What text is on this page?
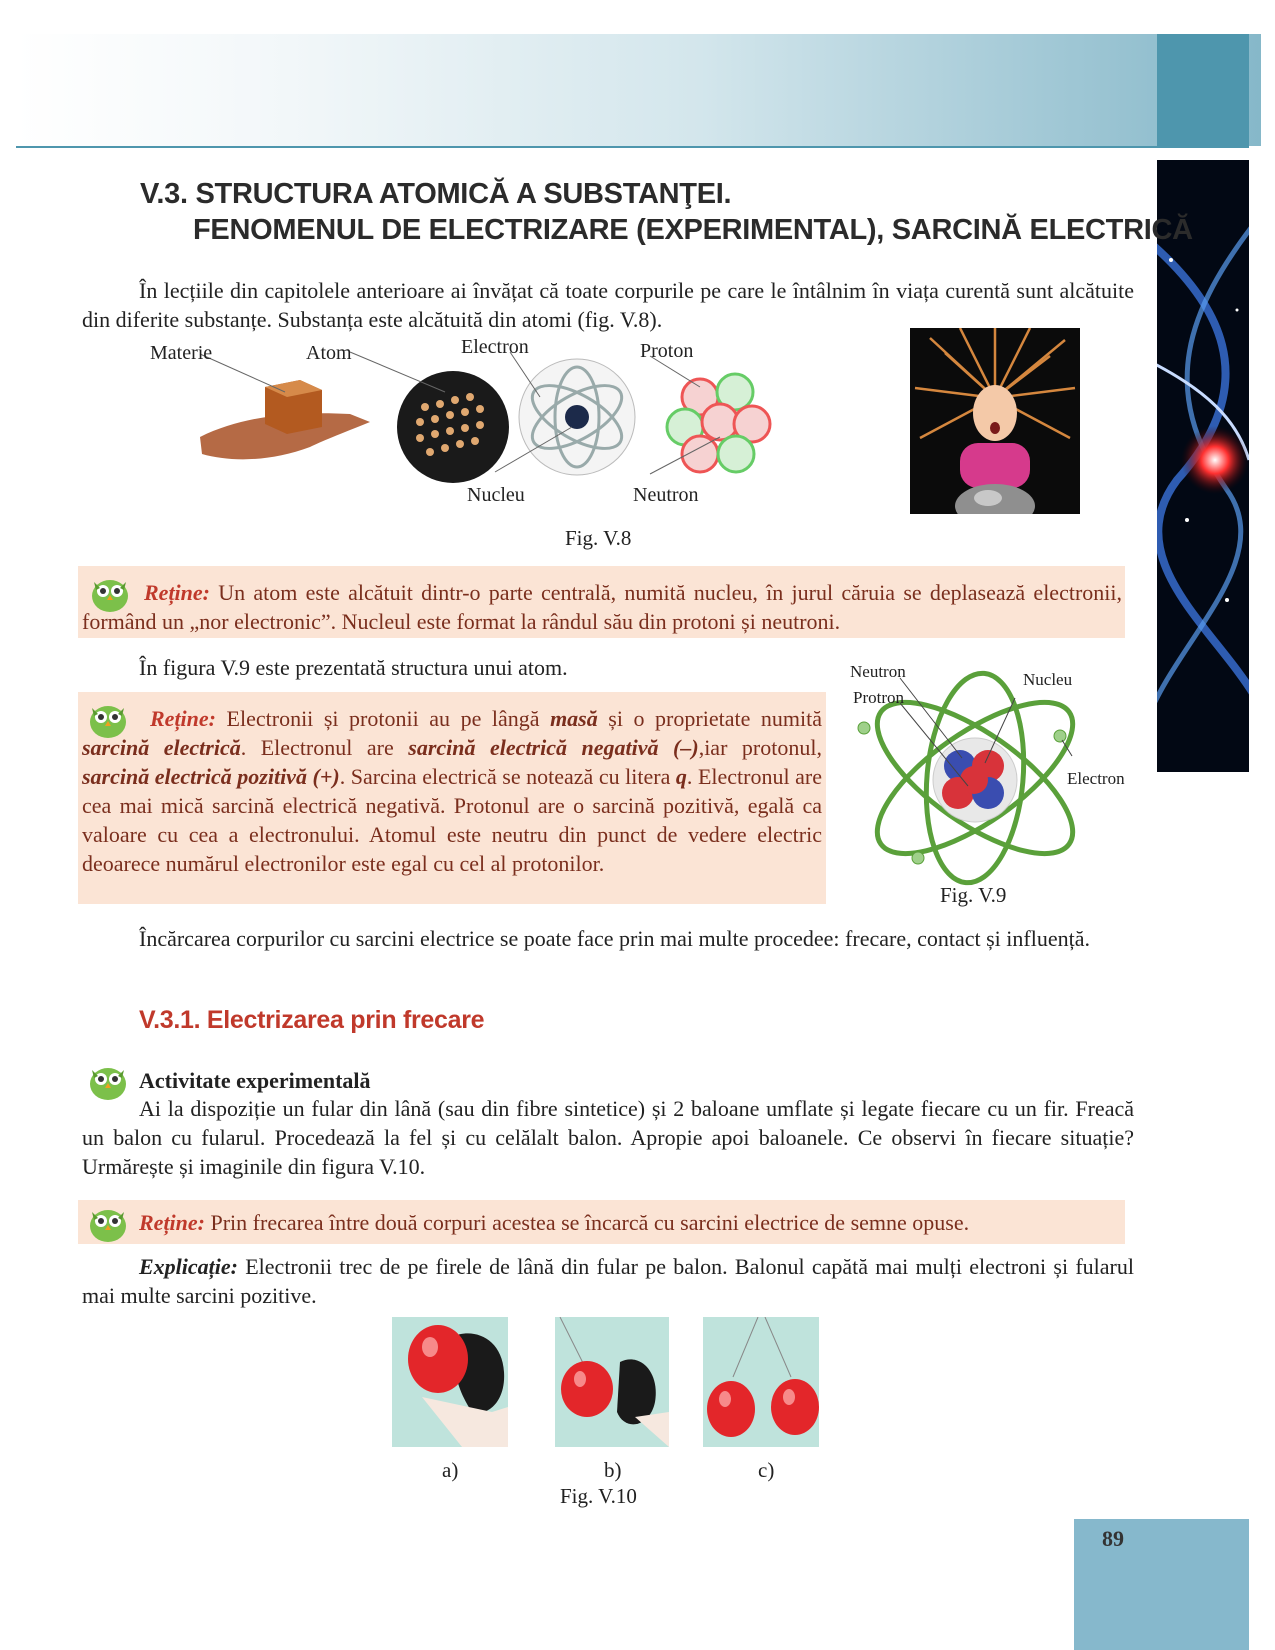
V.3. STRUCTURA ATOMICĂ A SUBSTANŢEI.
FENOMENUL DE ELECTRIZARE (EXPERIMENTAL), SARCINĂ ELECTRICĂ
În lecțiile din capitolele anterioare ai învățat că toate corpurile pe care le întâlnim în viața curentă sunt alcătuite din diferite substanțe. Substanța este alcătuită din atomi (fig. V.8).
Materie	Atom	Electron	Proton
Nucleu	Neutron
Fig. V.8
Reține: Un atom este alcătuit dintr-o parte centrală, numită nucleu, în jurul căruia se deplasează electronii, formând un „nor electronic”. Nucleul este format la rândul său din protoni și neutroni.
În figura V.9 este prezentată structura unui atom.
Reține: Electronii și protonii au pe lângă masă și o proprietate numită sarcină electrică. Electronul are sarcină electrică negativă (–),iar protonul, sarcină electrică pozitivă (+). Sarcina electrică se notează cu litera q. Electronul are cea mai mică sarcină electrică negativă. Protonul are o sarcină pozitivă, egală ca valoare cu cea a electronului. Atomul este neutru din punct de vedere electric deoarece numărul electronilor este egal cu cel al protonilor.
Neutron
Protron
Nucleu
Electron
Fig. V.9
Încărcarea corpurilor cu sarcini electrice se poate face prin mai multe procedee: frecare, contact și influență.
V.3.1. Electrizarea prin frecare
Activitate experimentală
Ai la dispoziție un fular din lână (sau din fibre sintetice) și 2 baloane umflate și legate fiecare cu un fir. Freacă un balon cu fularul. Procedează la fel și cu celălalt balon. Apropie apoi baloanele. Ce observi în fiecare situație? Urmărește și imaginile din figura V.10.
Reține: Prin frecarea între două corpuri acestea se încarcă cu sarcini electrice de semne opuse.
Explicație: Electronii trec de pe firele de lână din fular pe balon. Balonul capătă mai mulți electroni și fularul mai multe sarcini pozitive.
a)	b)	c)
Fig. V.10
89
